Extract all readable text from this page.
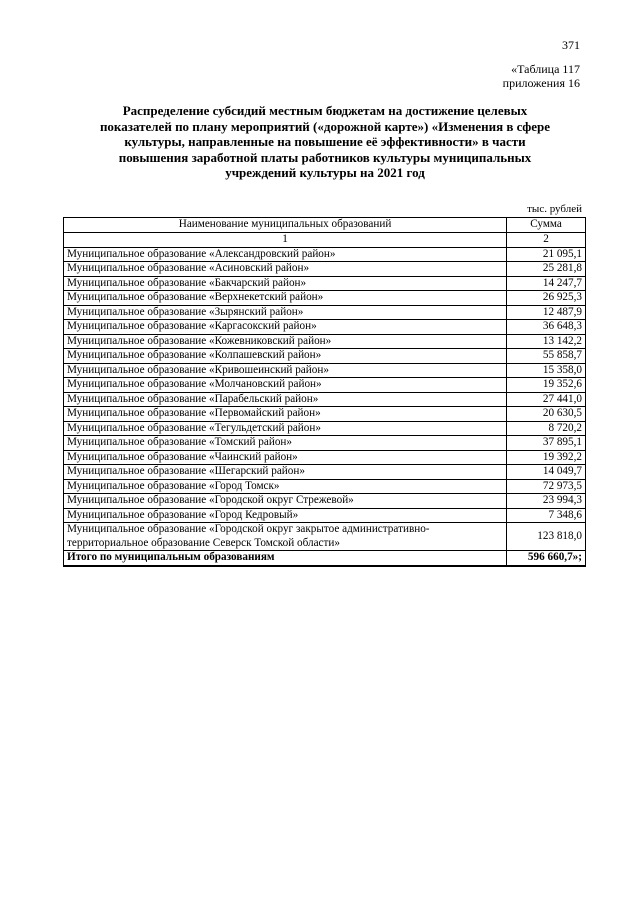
371
«Таблица 117
приложения 16
Распределение субсидий местным бюджетам на достижение целевых
показателей по плану мероприятий («дорожной карте») «Изменения в сфере
культуры, направленные на повышение её эффективности» в части
повышения заработной платы работников культуры муниципальных
учреждений культуры на 2021 год
тыс. рублей
Наименование муниципальных образований	Сумма
1	2
Муниципальное образование «Александровский район»	21 095,1
Муниципальное образование «Асиновский район»	25 281,8
Муниципальное образование «Бакчарский район»	14 247,7
Муниципальное образование «Верхнекетский район»	26 925,3
Муниципальное образование «Зырянский район»	12 487,9
Муниципальное образование «Каргасокский район»	36 648,3
Муниципальное образование «Кожевниковский район»	13 142,2
Муниципальное образование «Колпашевский район»	55 858,7
Муниципальное образование «Кривошеинский район»	15 358,0
Муниципальное образование «Молчановский район»	19 352,6
Муниципальное образование «Парабельский район»	27 441,0
Муниципальное образование «Первомайский район»	20 630,5
Муниципальное образование «Тегульдетский район»	8 720,2
Муниципальное образование «Томский район»	37 895,1
Муниципальное образование «Чаинский район»	19 392,2
Муниципальное образование «Шегарский район»	14 049,7
Муниципальное образование «Город Томск»	72 973,5
Муниципальное образование «Городской округ Стрежевой»	23 994,3
Муниципальное образование «Город Кедровый»	7 348,6
Муниципальное образование «Городской округ закрытое административно-территориальное образование Северск Томской области»	123 818,0
Итого по муниципальным образованиям	596 660,7»;
